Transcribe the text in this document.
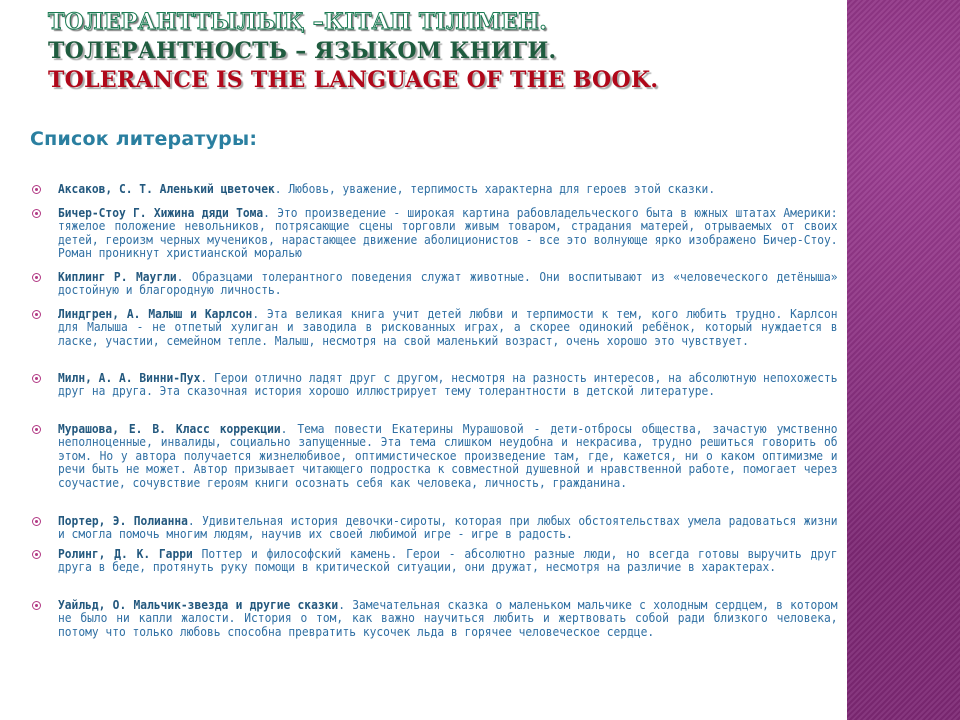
ТОЛЕРАНТТЫЛЫҚ –КІТАП ТІЛІМЕН.
ТОЛЕРАНТНОСТЬ – ЯЗЫКОМ КНИГИ.
TOLERANCE IS THE LANGUAGE OF THE BOOK.
Список литературы:
Аксаков, С. Т. Аленький цветочек. Любовь, уважение, терпимость характерна для героев этой сказки.
Бичер-Стоу Г. Хижина дяди Тома. Это произведение - широкая картина рабовладельческого быта в южных штатах Америки: тяжелое положение невольников, потрясающие сцены торговли живым товаром, страдания матерей, отрываемых от своих детей, героизм черных мучеников, нарастающее движение аболиционистов - все это волнующе ярко изображено Бичер-Стоу. Роман проникнут христианской моралью
Киплинг Р. Маугли. Образцами толерантного поведения служат животные. Они воспитывают из «человеческого детёныша» достойную и благородную личность.
Линдгрен, А. Малыш и Карлсон. Эта великая книга учит детей любви и терпимости к тем, кого любить трудно. Карлсон для Малыша - не отпетый хулиган и заводила в рискованных играх, а скорее одинокий ребёнок, который нуждается в ласке, участии, семейном тепле. Малыш, несмотря на свой маленький возраст, очень хорошо это чувствует.
Милн, А. А. Винни-Пух. Герои отлично ладят друг с другом, несмотря на разность интересов, на абсолютную непохожесть друг на друга. Эта сказочная история хорошо иллюстрирует тему толерантности в детской литературе.
Мурашова, Е. В. Класс коррекции. Тема повести Екатерины Мурашовой - дети-отбросы общества, зачастую умственно неполноценные, инвалиды, социально запущенные. Эта тема слишком неудобна и некрасива, трудно решиться говорить об этом. Но у автора получается жизнелюбивое, оптимистическое произведение там, где, кажется, ни о каком оптимизме и речи быть не может. Автор призывает читающего подростка к совместной душевной и нравственной работе, помогает через соучастие, сочувствие героям книги осознать себя как человека, личность, гражданина.
Портер, Э. Полианна. Удивительная история девочки-сироты, которая при любых обстоятельствах умела радоваться жизни и смогла помочь многим людям, научив их своей любимой игре - игре в радость.
Ролинг, Д. К. Гарри Поттер и философский камень. Герои - абсолютно разные люди, но всегда готовы выручить друг друга в беде, протянуть руку помощи в критической ситуации, они дружат, несмотря на различие в характерах.
Уайльд, О. Мальчик-звезда и другие сказки. Замечательная сказка о маленьком мальчике с холодным сердцем, в котором не было ни капли жалости. История о том, как важно научиться любить и жертвовать собой ради близкого человека, потому что только любовь способна превратить кусочек льда в горячее человеческое сердце.
